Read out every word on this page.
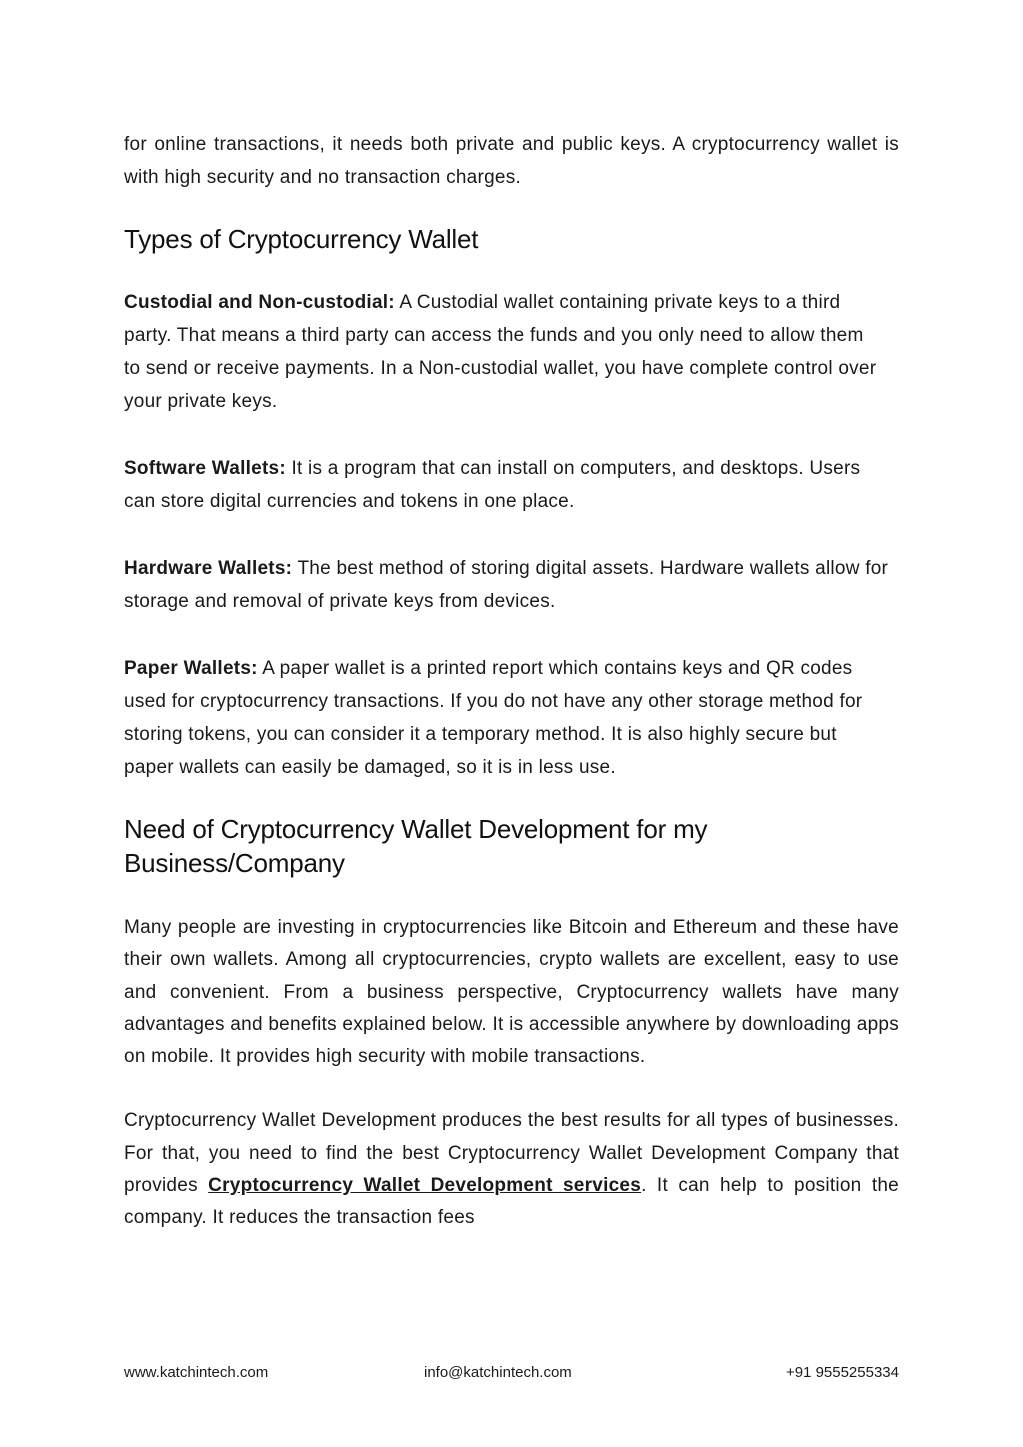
for online transactions, it needs both private and public keys. A cryptocurrency wallet is with high security and no transaction charges.

Types of Cryptocurrency Wallet

Custodial and Non-custodial: A Custodial wallet containing private keys to a third party. That means a third party can access the funds and you only need to allow them to send or receive payments. In a Non-custodial wallet, you have complete control over your private keys.

Software Wallets: It is a program that can install on computers, and desktops. Users can store digital currencies and tokens in one place.

Hardware Wallets: The best method of storing digital assets. Hardware wallets allow for storage and removal of private keys from devices.

Paper Wallets: A paper wallet is a printed report which contains keys and QR codes used for cryptocurrency transactions. If you do not have any other storage method for storing tokens, you can consider it a temporary method. It is also highly secure but paper wallets can easily be damaged, so it is in less use.

Need of Cryptocurrency Wallet Development for my Business/Company

Many people are investing in cryptocurrencies like Bitcoin and Ethereum and these have their own wallets. Among all cryptocurrencies, crypto wallets are excellent, easy to use and convenient. From a business perspective, Cryptocurrency wallets have many advantages and benefits explained below. It is accessible anywhere by downloading apps on mobile. It provides high security with mobile transactions.

Cryptocurrency Wallet Development produces the best results for all types of businesses. For that, you need to find the best Cryptocurrency Wallet Development Company that provides Cryptocurrency Wallet Development services. It can help to position the company. It reduces the transaction fees

www.katchintech.com	info@katchintech.com	+91 9555255334
